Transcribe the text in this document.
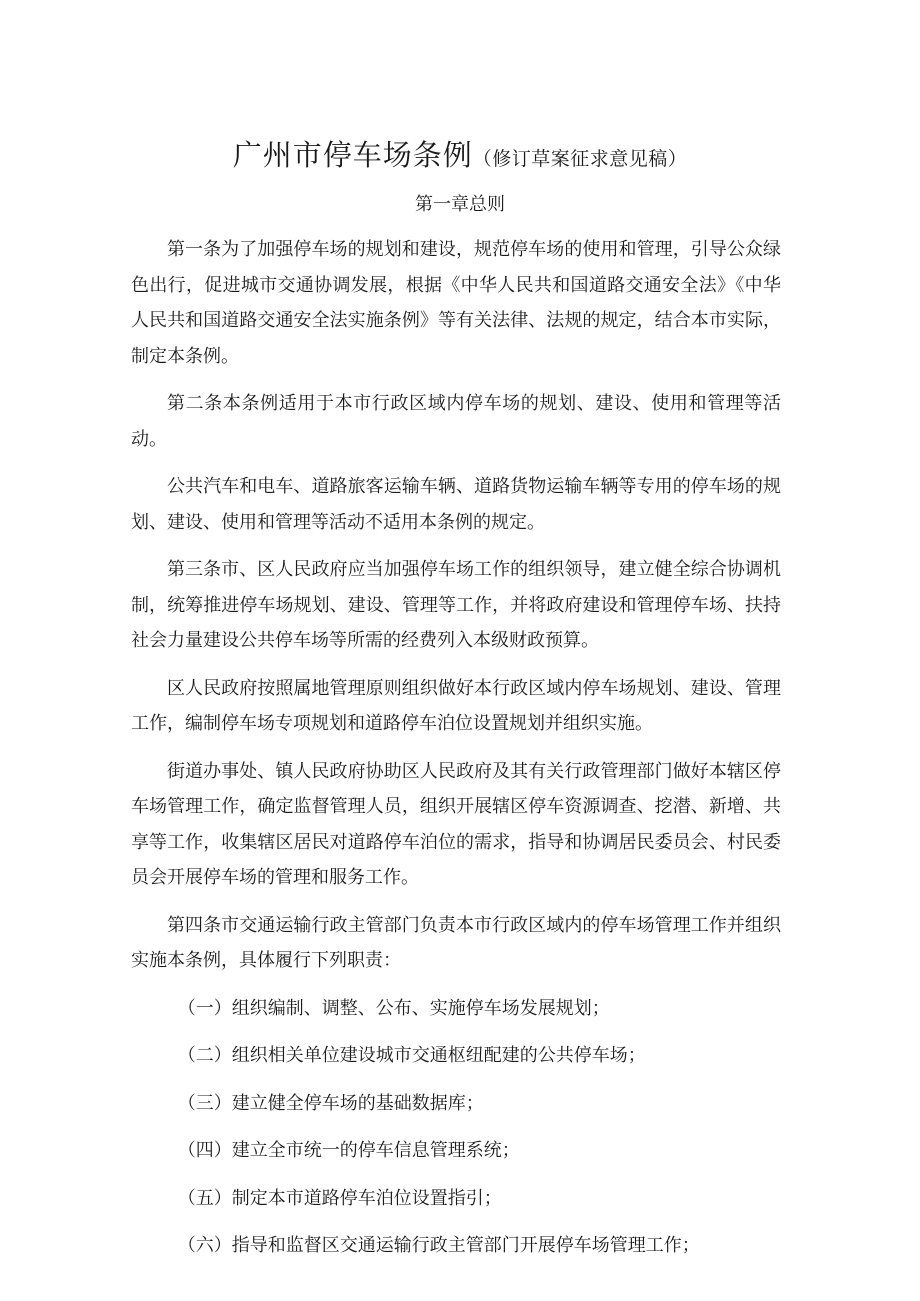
广州市停车场条例（修订草案征求意见稿）
第一章总则

第一条为了加强停车场的规划和建设，规范停车场的使用和管理，引导公众绿色出行，促进城市交通协调发展，根据《中华人民共和国道路交通安全法》《中华人民共和国道路交通安全法实施条例》等有关法律、法规的规定，结合本市实际，制定本条例。

第二条本条例适用于本市行政区域内停车场的规划、建设、使用和管理等活动。

公共汽车和电车、道路旅客运输车辆、道路货物运输车辆等专用的停车场的规划、建设、使用和管理等活动不适用本条例的规定。

第三条市、区人民政府应当加强停车场工作的组织领导，建立健全综合协调机制，统筹推进停车场规划、建设、管理等工作，并将政府建设和管理停车场、扶持社会力量建设公共停车场等所需的经费列入本级财政预算。

区人民政府按照属地管理原则组织做好本行政区域内停车场规划、建设、管理工作，编制停车场专项规划和道路停车泊位设置规划并组织实施。

街道办事处、镇人民政府协助区人民政府及其有关行政管理部门做好本辖区停车场管理工作，确定监督管理人员，组织开展辖区停车资源调查、挖潜、新增、共享等工作，收集辖区居民对道路停车泊位的需求，指导和协调居民委员会、村民委员会开展停车场的管理和服务工作。

第四条市交通运输行政主管部门负责本市行政区域内的停车场管理工作并组织实施本条例，具体履行下列职责：

（一）组织编制、调整、公布、实施停车场发展规划；

（二）组织相关单位建设城市交通枢纽配建的公共停车场；

（三）建立健全停车场的基础数据库；

（四）建立全市统一的停车信息管理系统；

（五）制定本市道路停车泊位设置指引；

（六）指导和监督区交通运输行政主管部门开展停车场管理工作；
